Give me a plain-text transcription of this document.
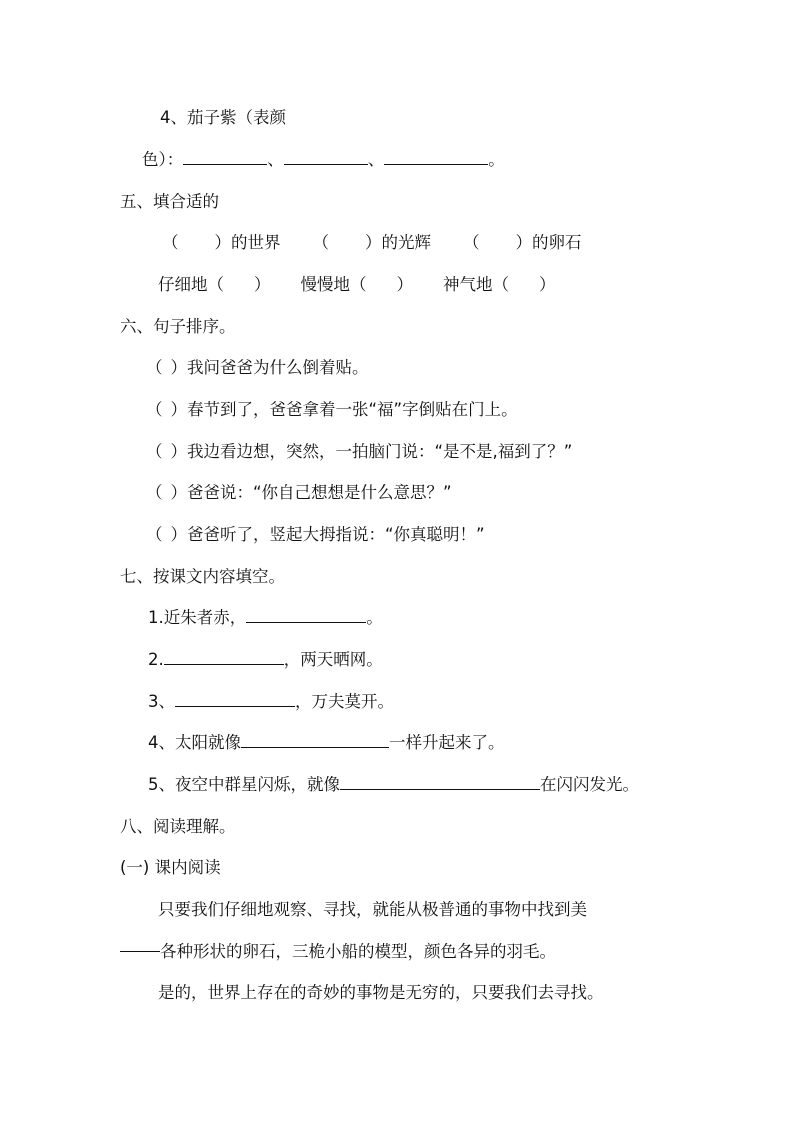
4、茄子紫（表颜
色）：	、	、	。
五、填合适的
（ ）的世界 （ ）的光辉 （ ）的卵石
仔细地（ ） 慢慢地（ ） 神气地（ ）
六、句子排序。
（ ）我问爸爸为什么倒着贴。
（ ）春节到了，爸爸拿着一张“福”字倒贴在门上。
（ ）我边看边想，突然，一拍脑门说：“是不是,福到了？”
（ ）爸爸说：“你自己想想是什么意思？”
（ ）爸爸听了，竖起大拇指说：“你真聪明！”
七、按课文内容填空。
1.近朱者赤，	。
2.	，两天晒网。
3、	，万夫莫开。
4、太阳就像	一样升起来了。
5、夜空中群星闪烁，就像	在闪闪发光。
八、阅读理解。
(一) 课内阅读
只要我们仔细地观察、寻找，就能从极普通的事物中找到美
各种形状的卵石，三桅小船的模型，颜色各异的羽毛。
是的，世界上存在的奇妙的事物是无穷的，只要我们去寻找。
